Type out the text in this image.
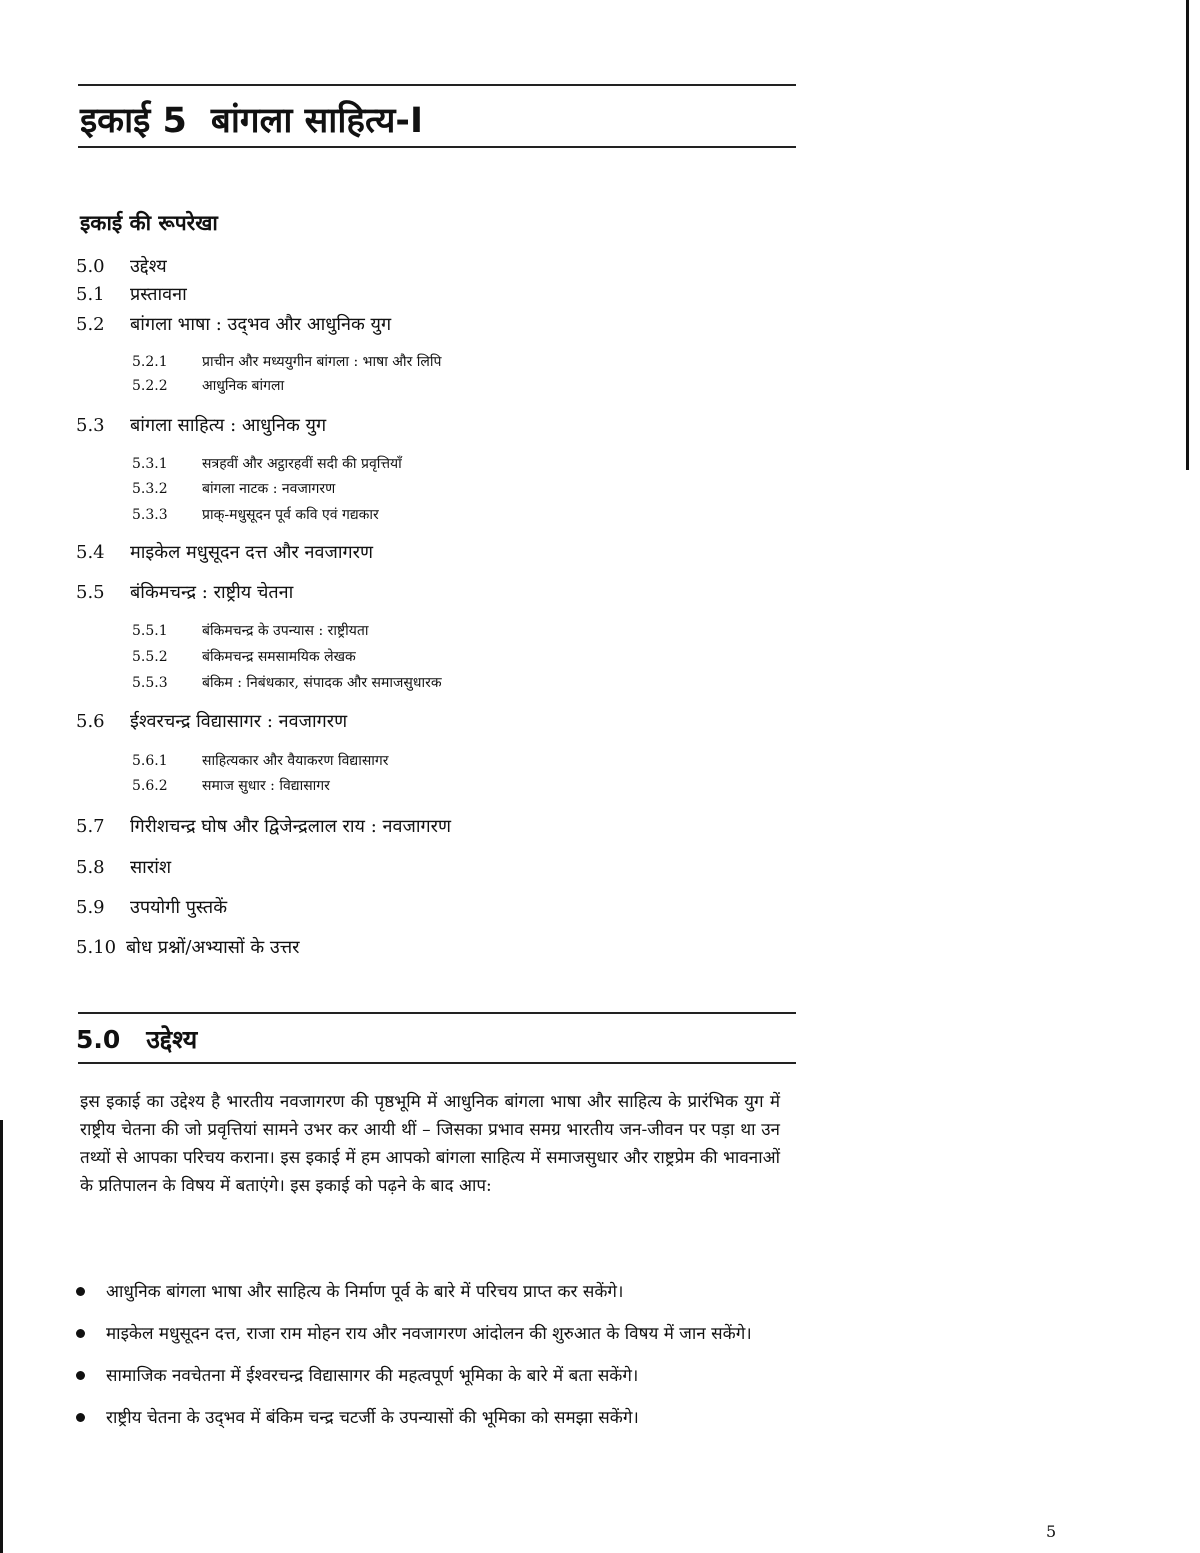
इकाई 5 बांगला साहित्य-I
इकाई की रूपरेखा
5.0 उद्देश्य
5.1 प्रस्तावना
5.2 बांगला भाषा : उद्‌भव और आधुनिक युग
5.2.1 प्राचीन और मध्ययुगीन बांगला : भाषा और लिपि
5.2.2 आधुनिक बांगला
5.3 बांगला साहित्य : आधुनिक युग
5.3.1 सत्रहवीं और अट्ठारहवीं सदी की प्रवृत्तियाँ
5.3.2 बांगला नाटक : नवजागरण
5.3.3 प्राक्-मधुसूदन पूर्व कवि एवं गद्यकार
5.4 माइकेल मधुसूदन दत्त और नवजागरण
5.5 बंकिमचन्द्र : राष्ट्रीय चेतना
5.5.1 बंकिमचन्द्र के उपन्यास : राष्ट्रीयता
5.5.2 बंकिमचन्द्र समसामयिक लेखक
5.5.3 बंकिम : निबंधकार, संपादक और समाजसुधारक
5.6 ईश्वरचन्द्र विद्यासागर : नवजागरण
5.6.1 साहित्यकार और वैयाकरण विद्यासागर
5.6.2 समाज सुधार : विद्यासागर
5.7 गिरीशचन्द्र घोष और द्विजेन्द्रलाल राय : नवजागरण
5.8 सारांश
5.9 उपयोगी पुस्तकें
5.10 बोध प्रश्नों/अभ्यासों के उत्तर
5.0 उद्देश्य
इस इकाई का उद्देश्य है भारतीय नवजागरण की पृष्ठभूमि में आधुनिक बांगला भाषा और साहित्य के प्रारंभिक युग में राष्ट्रीय चेतना की जो प्रवृत्तियां सामने उभर कर आयी थीं – जिसका प्रभाव समग्र भारतीय जन-जीवन पर पड़ा था उन तथ्यों से आपका परिचय कराना। इस इकाई में हम आपको बांगला साहित्य में समाजसुधार और राष्ट्रप्रेम की भावनाओं के प्रतिपालन के विषय में बताएंगे। इस इकाई को पढ़ने के बाद आप:
आधुनिक बांगला भाषा और साहित्य के निर्माण पूर्व के बारे में परिचय प्राप्त कर सकेंगे।
माइकेल मधुसूदन दत्त, राजा राम मोहन राय और नवजागरण आंदोलन की शुरुआत के विषय में जान सकेंगे।
सामाजिक नवचेतना में ईश्वरचन्द्र विद्यासागर की महत्वपूर्ण भूमिका के बारे में बता सकेंगे।
राष्ट्रीय चेतना के उद्‌भव में बंकिम चन्द्र चटर्जी के उपन्यासों की भूमिका को समझा सकेंगे।
5
